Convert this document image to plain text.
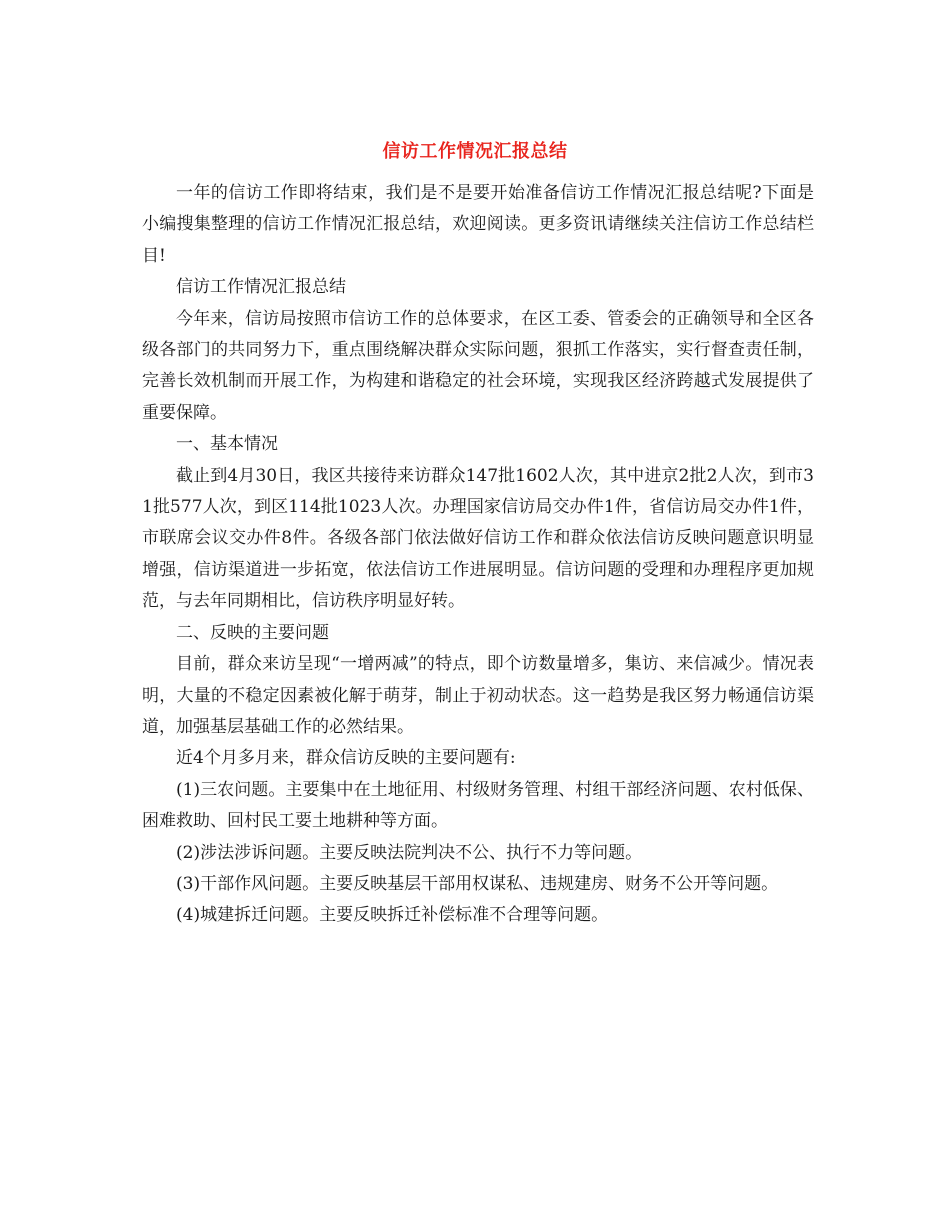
信访工作情况汇报总结

一年的信访工作即将结束，我们是不是要开始准备信访工作情况汇报总结呢?下面是小编搜集整理的信访工作情况汇报总结，欢迎阅读。更多资讯请继续关注信访工作总结栏目!

信访工作情况汇报总结

今年来，信访局按照市信访工作的总体要求，在区工委、管委会的正确领导和全区各级各部门的共同努力下，重点围绕解决群众实际问题，狠抓工作落实，实行督查责任制，完善长效机制而开展工作，为构建和谐稳定的社会环境，实现我区经济跨越式发展提供了重要保障。

一、基本情况

截止到4月30日，我区共接待来访群众147批1602人次，其中进京2批2人次，到市31批577人次，到区114批1023人次。办理国家信访局交办件1件，省信访局交办件1件，市联席会议交办件8件。各级各部门依法做好信访工作和群众依法信访反映问题意识明显增强，信访渠道进一步拓宽，依法信访工作进展明显。信访问题的受理和办理程序更加规范，与去年同期相比，信访秩序明显好转。

二、反映的主要问题

目前，群众来访呈现“一增两减”的特点，即个访数量增多，集访、来信减少。情况表明，大量的不稳定因素被化解于萌芽，制止于初动状态。这一趋势是我区努力畅通信访渠道，加强基层基础工作的必然结果。

近4个月多月来，群众信访反映的主要问题有:

(1)三农问题。主要集中在土地征用、村级财务管理、村组干部经济问题、农村低保、困难救助、回村民工要土地耕种等方面。

(2)涉法涉诉问题。主要反映法院判决不公、执行不力等问题。

(3)干部作风问题。主要反映基层干部用权谋私、违规建房、财务不公开等问题。

(4)城建拆迁问题。主要反映拆迁补偿标准不合理等问题。
